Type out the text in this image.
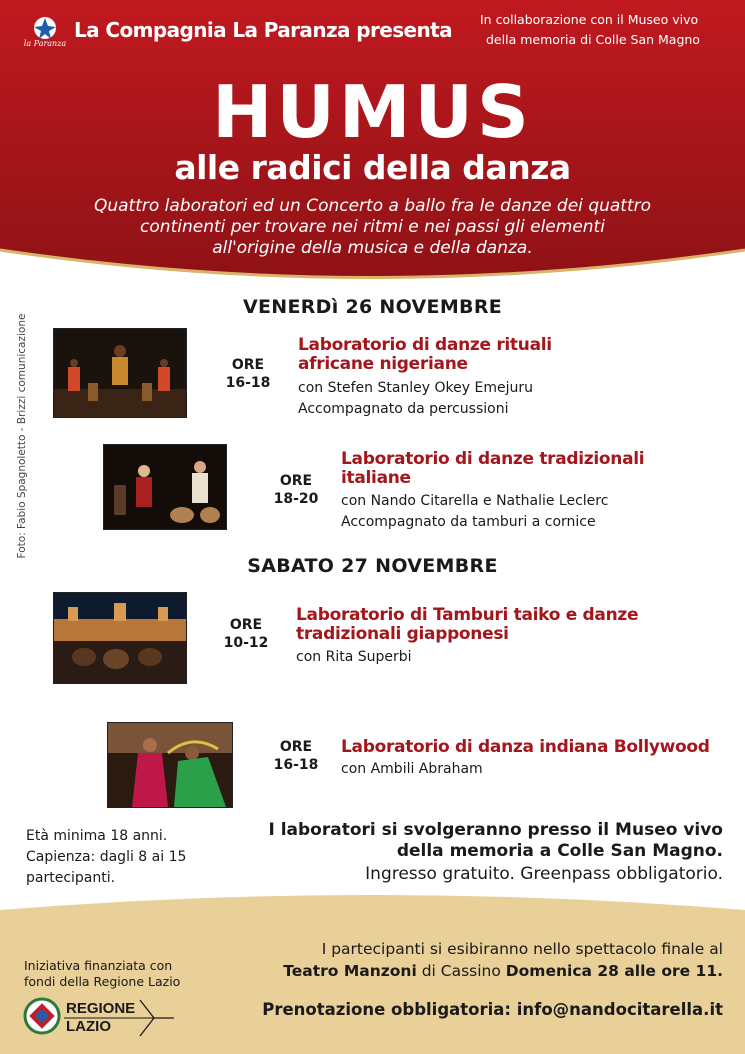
la Paranza
La Compagnia La Paranza presenta In collaborazione con il Museo vivo
della memoria di Colle San Magno
HUMUS
alle radici della danza
Quattro laboratori ed un Concerto a ballo fra le danze dei quattro
continenti per trovare nei ritmi e nei passi gli elementi
all'origine della musica e della danza.
Foto: Fabio Spagnoletto - Brizzi comunicazione
VENERDì 26 NOVEMBRE
ORE
16-18
Laboratorio di danze rituali
africane nigeriane
con Stefen Stanley Okey Emejuru
Accompagnato da percussioni
ORE
18-20
Laboratorio di danze tradizionali
italiane
con Nando Citarella e Nathalie Leclerc
Accompagnato da tamburi a cornice
SABATO 27 NOVEMBRE
ORE
10-12
Laboratorio di Tamburi taiko e danze
tradizionali giapponesi
con Rita Superbi
ORE
16-18
Laboratorio di danza indiana Bollywood
con Ambili Abraham
Età minima 18 anni.
Capienza: dagli 8 ai 15
partecipanti.
I laboratori si svolgeranno presso il Museo vivo
della memoria a Colle San Magno.
Ingresso gratuito. Greenpass obbligatorio.
Iniziativa finanziata con
fondi della Regione Lazio
REGIONE
LAZIO
I partecipanti si esibiranno nello spettacolo finale al
Teatro Manzoni di Cassino Domenica 28 alle ore 11.
Prenotazione obbligatoria: info@nandocitarella.it
